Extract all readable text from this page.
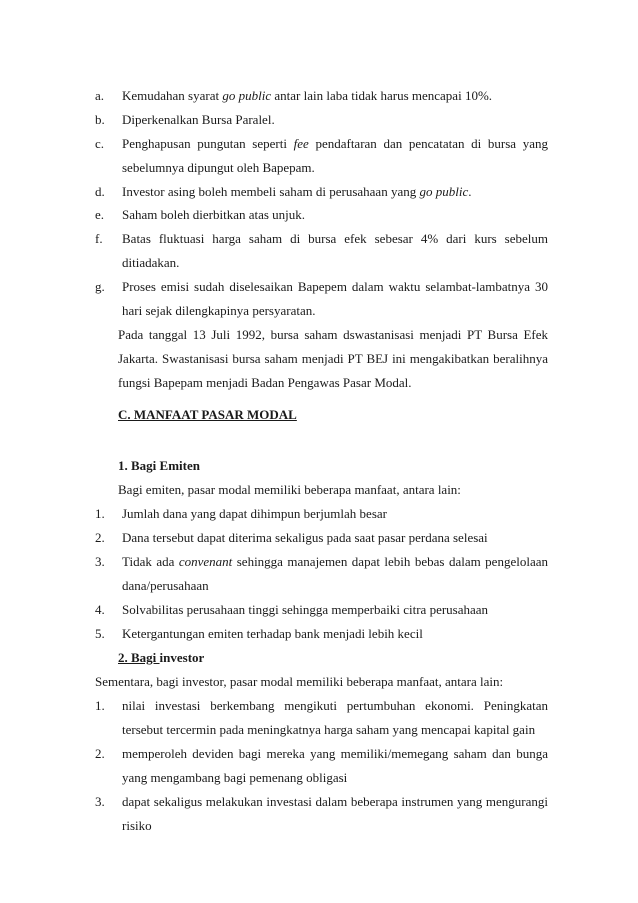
a. Kemudahan syarat go public antar lain laba tidak harus mencapai 10%.
b. Diperkenalkan Bursa Paralel.
c. Penghapusan pungutan seperti fee pendaftaran dan pencatatan di bursa yang
sebelumnya dipungut oleh Bapepam.
d. Investor asing boleh membeli saham di perusahaan yang go public.
e. Saham boleh dierbitkan atas unjuk.
f. Batas fluktuasi harga saham di bursa efek sebesar 4% dari kurs sebelum
ditiadakan.
g. Proses emisi sudah diselesaikan Bapepem dalam waktu selambat-lambatnya 30
hari sejak dilengkapinya persyaratan.
Pada tanggal 13 Juli 1992, bursa saham dswastanisasi menjadi PT Bursa Efek
Jakarta. Swastanisasi bursa saham menjadi PT BEJ ini mengakibatkan beralihnya
fungsi Bapepam menjadi Badan Pengawas Pasar Modal.
C. MANFAAT PASAR MODAL
1. Bagi Emiten
Bagi emiten, pasar modal memiliki beberapa manfaat, antara lain:
1. Jumlah dana yang dapat dihimpun berjumlah besar
2. Dana tersebut dapat diterima sekaligus pada saat pasar perdana selesai
3. Tidak ada convenant sehingga manajemen dapat lebih bebas dalam pengelolaan
dana/perusahaan
4. Solvabilitas perusahaan tinggi sehingga memperbaiki citra perusahaan
5. Ketergantungan emiten terhadap bank menjadi lebih kecil
2. Bagi investor
Sementara, bagi investor, pasar modal memiliki beberapa manfaat, antara lain:
1. nilai investasi berkembang mengikuti pertumbuhan ekonomi. Peningkatan
tersebut tercermin pada meningkatnya harga saham yang mencapai kapital gain
2. memperoleh deviden bagi mereka yang memiliki/memegang saham dan bunga
yang mengambang bagi pemenang obligasi
3. dapat sekaligus melakukan investasi dalam beberapa instrumen yang mengurangi
risiko
